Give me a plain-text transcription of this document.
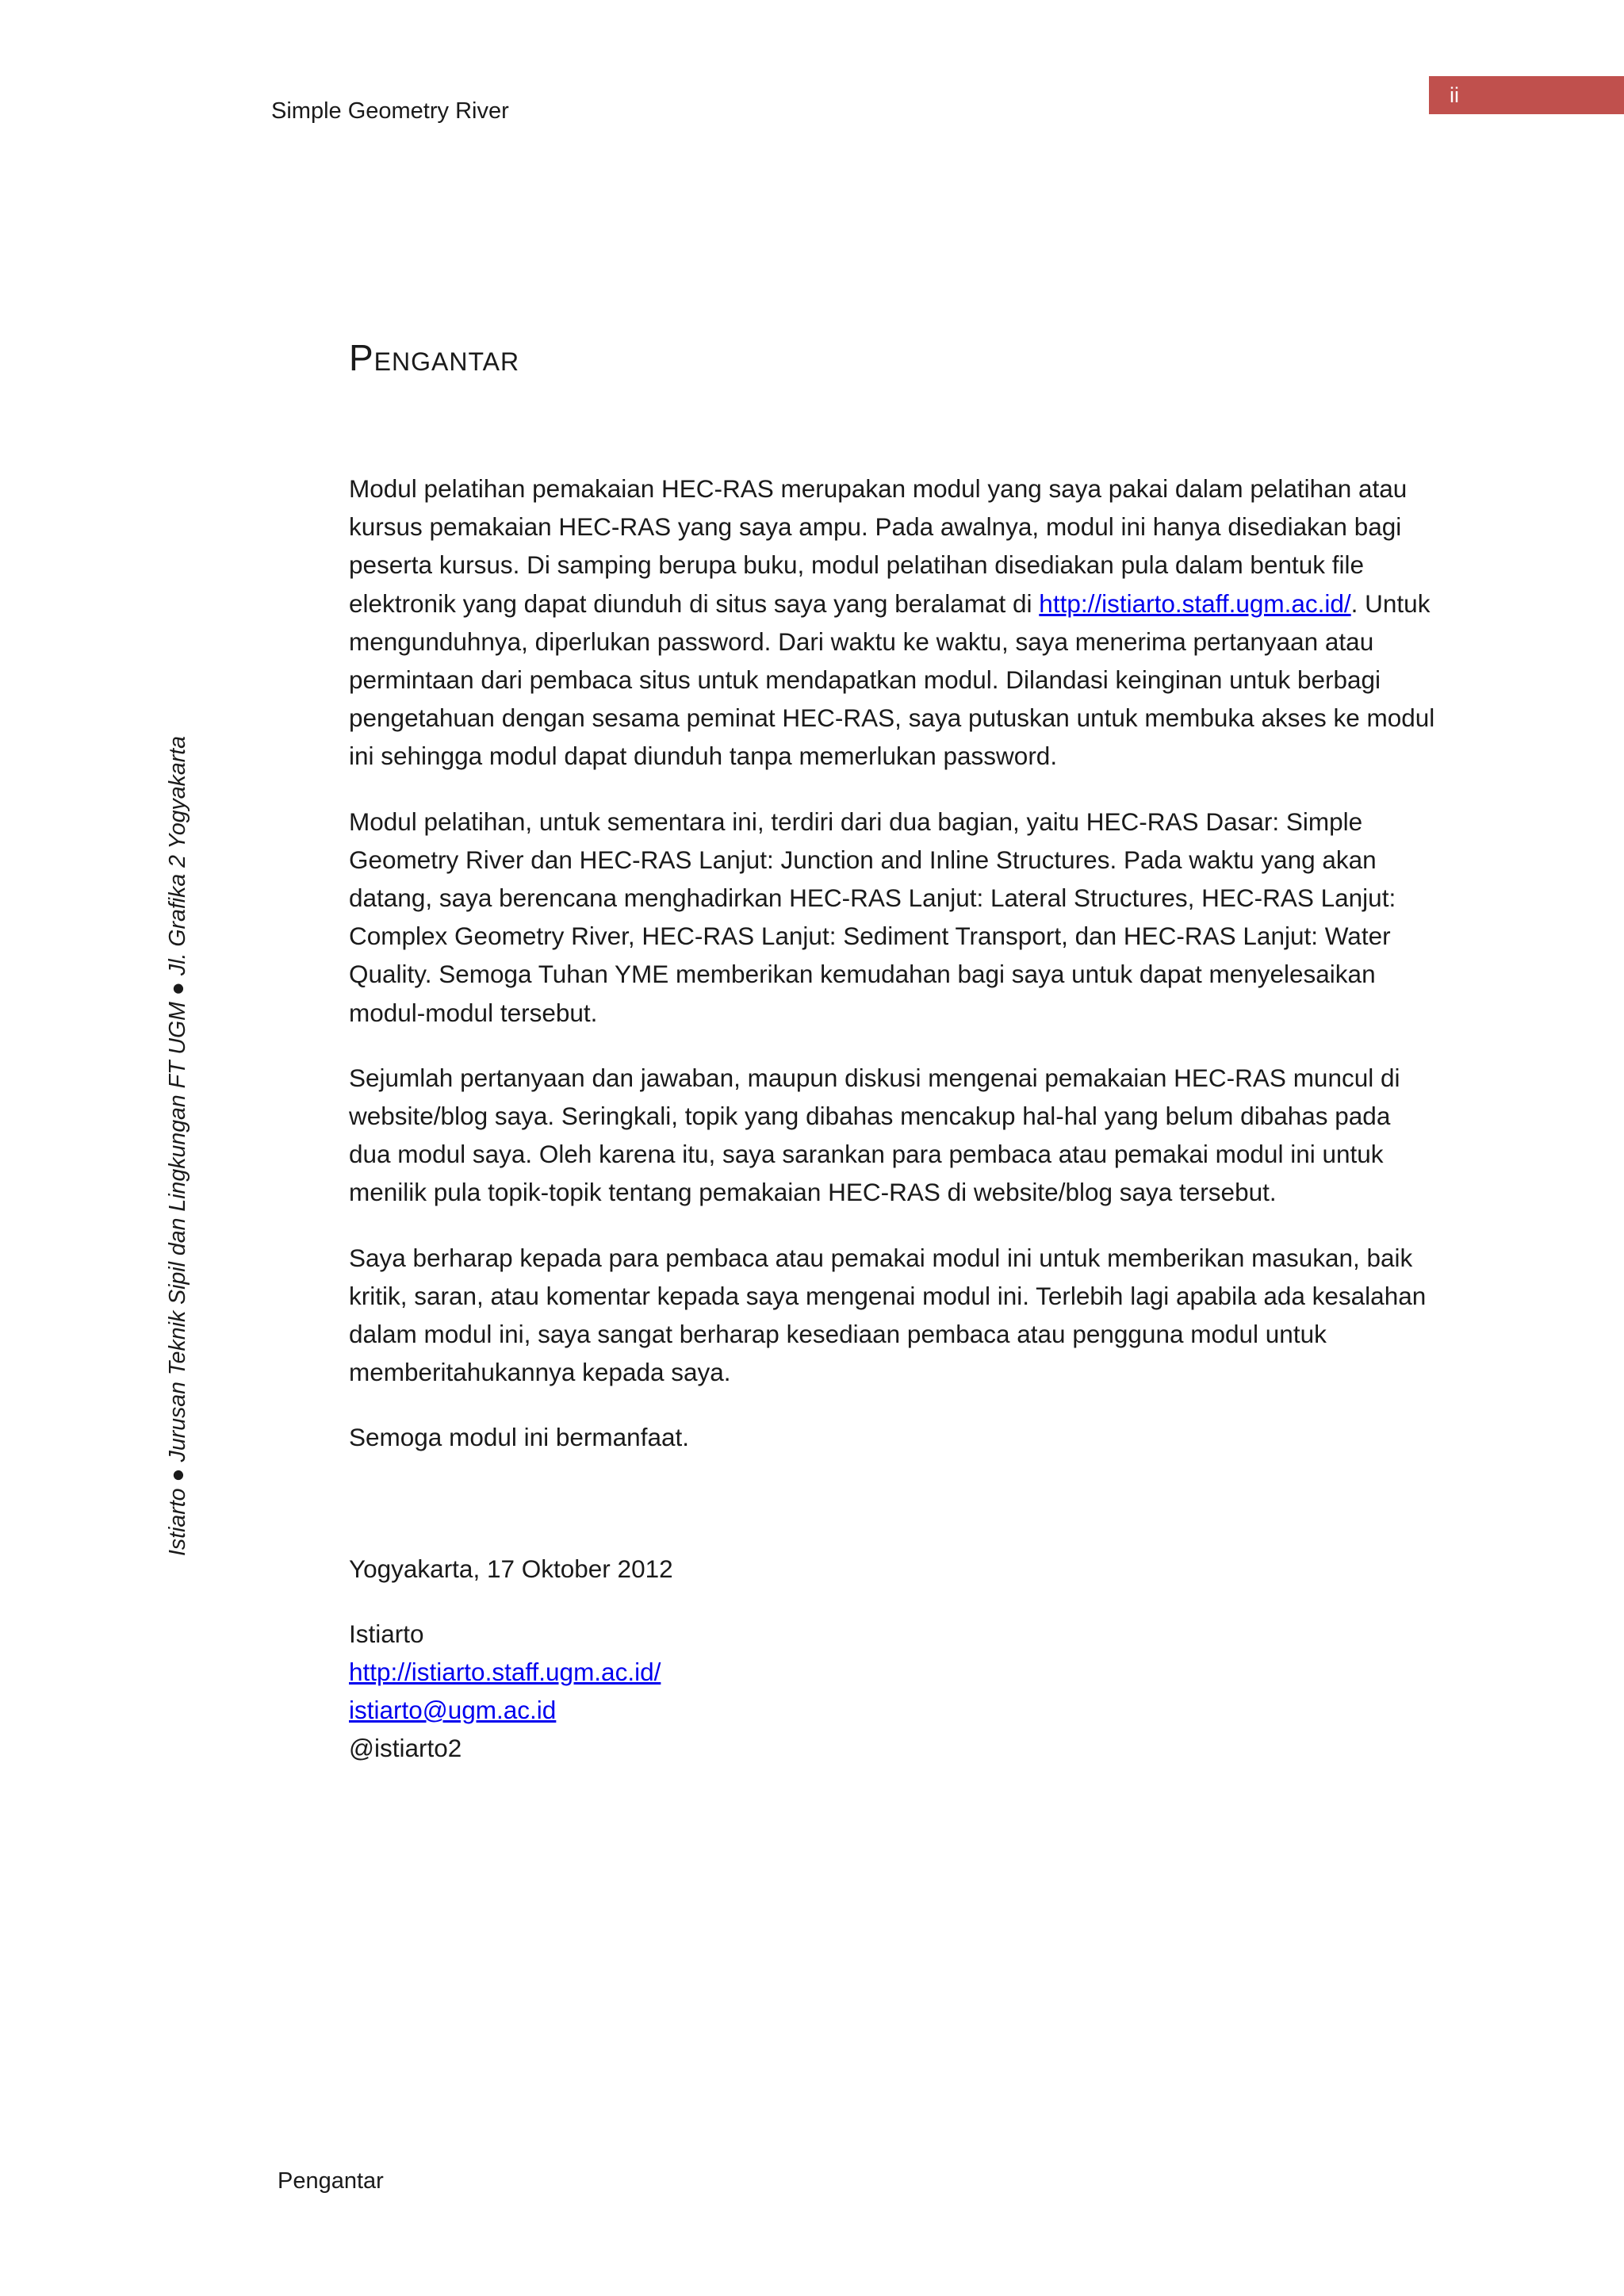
ii
Simple Geometry River
Istiarto ● Jurusan Teknik Sipil dan Lingkungan FT UGM ● Jl. Grafika 2 Yogyakarta
Pengantar

Modul pelatihan pemakaian HEC-RAS merupakan modul yang saya pakai dalam pelatihan atau kursus pemakaian HEC-RAS yang saya ampu. Pada awalnya, modul ini hanya disediakan bagi peserta kursus. Di samping berupa buku, modul pelatihan disediakan pula dalam bentuk file elektronik yang dapat diunduh di situs saya yang beralamat di http://istiarto.staff.ugm.ac.id/. Untuk mengunduhnya, diperlukan password. Dari waktu ke waktu, saya menerima pertanyaan atau permintaan dari pembaca situs untuk mendapatkan modul. Dilandasi keinginan untuk berbagi pengetahuan dengan sesama peminat HEC-RAS, saya putuskan untuk membuka akses ke modul ini sehingga modul dapat diunduh tanpa memerlukan password.

Modul pelatihan, untuk sementara ini, terdiri dari dua bagian, yaitu HEC-RAS Dasar: Simple Geometry River dan HEC-RAS Lanjut: Junction and Inline Structures. Pada waktu yang akan datang, saya berencana menghadirkan HEC-RAS Lanjut: Lateral Structures, HEC-RAS Lanjut: Complex Geometry River, HEC-RAS Lanjut: Sediment Transport, dan HEC-RAS Lanjut: Water Quality. Semoga Tuhan YME memberikan kemudahan bagi saya untuk dapat menyelesaikan modul-modul tersebut.

Sejumlah pertanyaan dan jawaban, maupun diskusi mengenai pemakaian HEC-RAS muncul di website/blog saya. Seringkali, topik yang dibahas mencakup hal-hal yang belum dibahas pada dua modul saya. Oleh karena itu, saya sarankan para pembaca atau pemakai modul ini untuk menilik pula topik-topik tentang pemakaian HEC-RAS di website/blog saya tersebut.

Saya berharap kepada para pembaca atau pemakai modul ini untuk memberikan masukan, baik kritik, saran, atau komentar kepada saya mengenai modul ini. Terlebih lagi apabila ada kesalahan dalam modul ini, saya sangat berharap kesediaan pembaca atau pengguna modul untuk memberitahukannya kepada saya.

Semoga modul ini bermanfaat.

Yogyakarta, 17 Oktober 2012

Istiarto
http://istiarto.staff.ugm.ac.id/
istiarto@ugm.ac.id
@istiarto2
Pengantar
